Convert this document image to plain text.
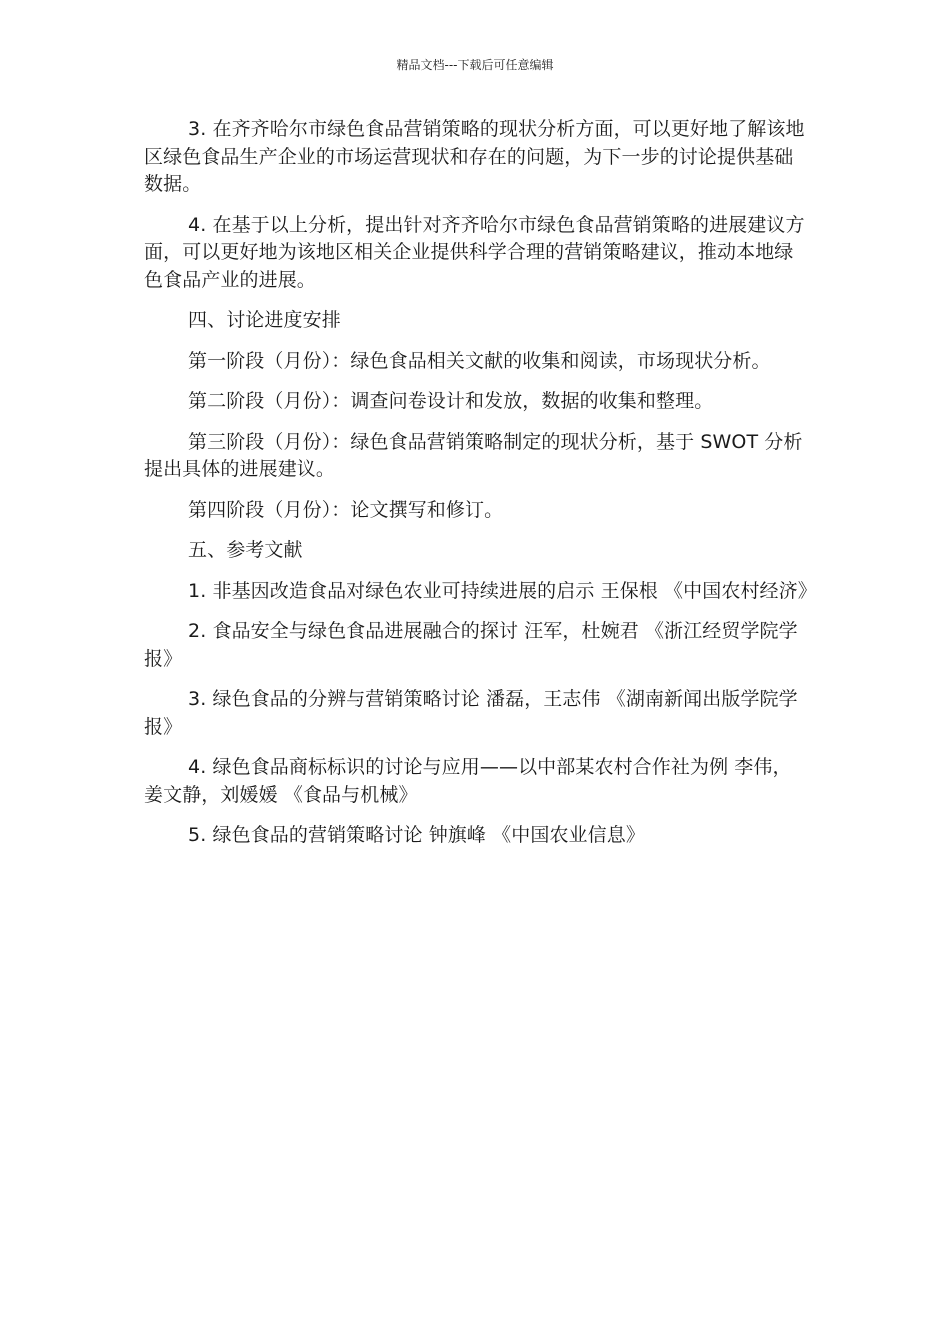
精品文档---下载后可任意编辑

3. 在齐齐哈尔市绿色食品营销策略的现状分析方面，可以更好地了解该地区绿色食品生产企业的市场运营现状和存在的问题，为下一步的讨论提供基础数据。

4. 在基于以上分析，提出针对齐齐哈尔市绿色食品营销策略的进展建议方面，可以更好地为该地区相关企业提供科学合理的营销策略建议，推动本地绿色食品产业的进展。

四、讨论进度安排

第一阶段（月份）：绿色食品相关文献的收集和阅读，市场现状分析。

第二阶段（月份）：调查问卷设计和发放，数据的收集和整理。

第三阶段（月份）：绿色食品营销策略制定的现状分析，基于 SWOT 分析提出具体的进展建议。

第四阶段（月份）：论文撰写和修订。

五、参考文献

1. 非基因改造食品对绿色农业可持续进展的启示 王保根 《中国农村经济》

2. 食品安全与绿色食品进展融合的探讨 汪军，杜婉君 《浙江经贸学院学报》

3. 绿色食品的分辨与营销策略讨论 潘磊，王志伟 《湖南新闻出版学院学报》

4. 绿色食品商标标识的讨论与应用——以中部某农村合作社为例 李伟，姜文静，刘媛媛 《食品与机械》

5. 绿色食品的营销策略讨论 钟旗峰 《中国农业信息》
